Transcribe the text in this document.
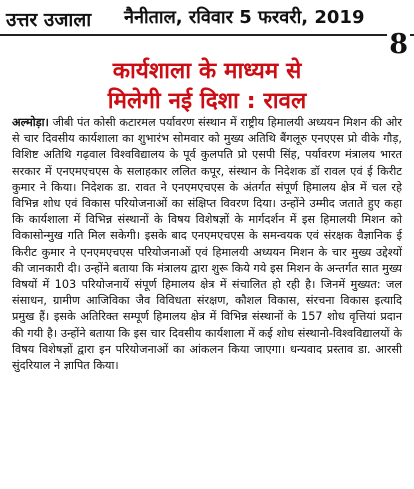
उत्तर उजाला नैनीताल, रविवार 5 फरवरी, 2019
8
कार्यशाला के माध्यम से
मिलेगी नई दिशा : रावल
अल्मोड़ा। जीबी पंत कोसी कटारमल पर्यावरण संस्थान में राष्ट्रीय हिमालयी अध्ययन मिशन की ओर से चार दिवसीय कार्यशाला का शुभारंभ सोमवार को मुख्य अतिथि बैंगलूरु एनएएस प्रो वीके गौड़, विशिष्ट अतिथि गढ़वाल विश्वविद्यालय के पूर्व कुलपति प्रो एसपी सिंह, पर्यावरण मंत्रालय भारत सरकार में एनएमएचएस के सलाहकार ललित कपूर, संस्थान के निदेशक डॉ रावल एवं ई किरीट कुमार ने किया। निदेशक डा. रावत ने एनएमएचएस के अंतर्गत संपूर्ण हिमालय क्षेत्र में चल रहे विभिन्न शोध एवं विकास परियोजनाओं का संक्षिप्त विवरण दिया। उन्होंने उम्मीद जताते हुए कहा कि कार्यशाला में विभिन्न संस्थानों के विषय विशेषज्ञों के मार्गदर्शन में इस हिमालयी मिशन को विकासोन्मुख गति मिल सकेगी। इसके बाद एनएमएचएस के समन्वयक एवं संरक्षक वैज्ञानिक ई किरीट कुमार ने एनएमएचएस परियोजनाओं एवं हिमालयी अध्ययन मिशन के चार मुख्य उद्देश्यों की जानकारी दी। उन्होंने बताया कि मंत्रालय द्वारा शुरू किये गये इस मिशन के अन्तर्गत सात मुख्य विषयों में 103 परियोजनायें संपूर्ण हिमालय क्षेत्र में संचालित हो रही है। जिनमें मुख्यत: जल संसाधन, ग्रामीण आजिविका जैव विविधता संरक्षण, कौशल विकास, संरचना विकास इत्यादि प्रमुख हैं। इसके अतिरिक्त सम्पूर्ण हिमालय क्षेत्र में विभिन्न संस्थानों के 157 शोध वृत्तियां प्रदान की गयी है। उन्होंने बताया कि इस चार दिवसीय कार्यशाला में कई शोध संस्थानो-विश्वविद्यालयों के विषय विशेषज्ञों द्वारा इन परियोजनाओं का आंकलन किया जाएगा। धन्यवाद प्रस्ताव डा. आरसी सुंदरियाल ने ज्ञापित किया।
